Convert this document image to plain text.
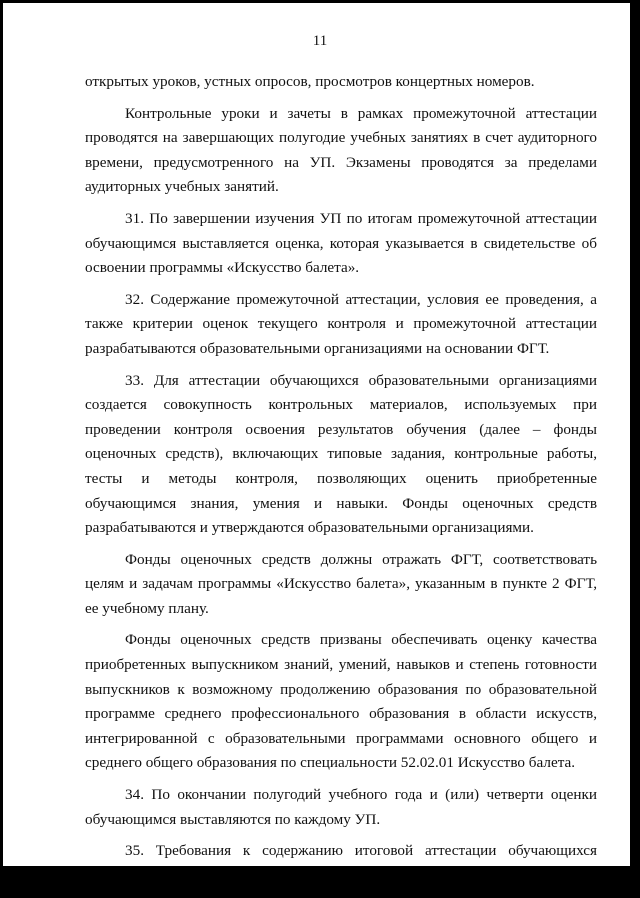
11

открытых уроков, устных опросов, просмотров концертных номеров.

Контрольные уроки и зачеты в рамках промежуточной аттестации проводятся на завершающих полугодие учебных занятиях в счет аудиторного времени, предусмотренного на УП. Экзамены проводятся за пределами аудиторных учебных занятий.

31. По завершении изучения УП по итогам промежуточной аттестации обучающимся выставляется оценка, которая указывается в свидетельстве об освоении программы «Искусство балета».

32. Содержание промежуточной аттестации, условия ее проведения, а также критерии оценок текущего контроля и промежуточной аттестации разрабатываются образовательными организациями на основании ФГТ.

33. Для аттестации обучающихся образовательными организациями создается совокупность контрольных материалов, используемых при проведении контроля освоения результатов обучения (далее – фонды оценочных средств), включающих типовые задания, контрольные работы, тесты и методы контроля, позволяющих оценить приобретенные обучающимся знания, умения и навыки. Фонды оценочных средств разрабатываются и утверждаются образовательными организациями.

Фонды оценочных средств должны отражать ФГТ, соответствовать целям и задачам программы «Искусство балета», указанным в пункте 2 ФГТ, ее учебному плану.

Фонды оценочных средств призваны обеспечивать оценку качества приобретенных выпускником знаний, умений, навыков и степень готовности выпускников к возможному продолжению образования по образовательной программе среднего профессионального образования в области искусств, интегрированной с образовательными программами основного общего и среднего общего образования по специальности 52.02.01 Искусство балета.

34. По окончании полугодий учебного года и (или) четверти оценки обучающимся выставляются по каждому УП.

35. Требования к содержанию итоговой аттестации обучающихся
